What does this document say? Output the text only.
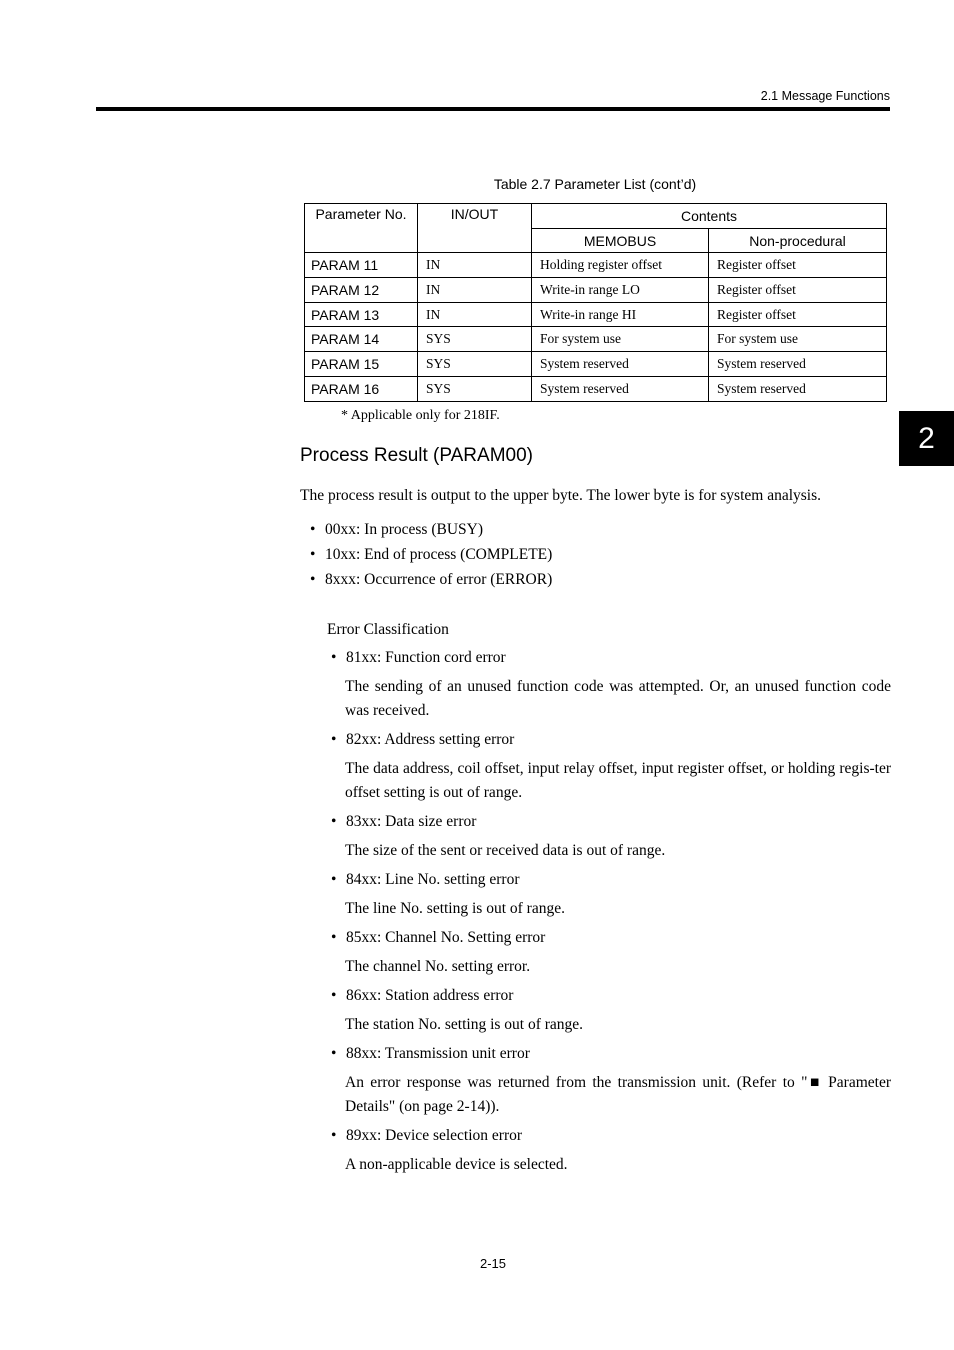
2.1 Message Functions
2
Table 2.7 Parameter List (cont’d)
Parameter No.	IN/OUT	Contents	
		MEMOBUS	Non-procedural
PARAM 11	IN	Holding register offset	Register offset
PARAM 12	IN	Write-in range LO	Register offset
PARAM 13	IN	Write-in range HI	Register offset
PARAM 14	SYS	For system use	For system use
PARAM 15	SYS	System reserved	System reserved
PARAM 16	SYS	System reserved	System reserved
* Applicable only for 218IF.
Process Result (PARAM00)
The process result is output to the upper byte. The lower byte is for system analysis.
• 00xx: In process (BUSY)
• 10xx: End of process (COMPLETE)
• 8xxx: Occurrence of error (ERROR)
Error Classification
• 81xx: Function cord error
The sending of an unused function code was attempted. Or, an unused function code was received.
• 82xx: Address setting error
The data address, coil offset, input relay offset, input register offset, or holding regis-ter offset setting is out of range.
• 83xx: Data size error
The size of the sent or received data is out of range.
• 84xx: Line No. setting error
The line No. setting is out of range.
• 85xx: Channel No. Setting error
The channel No. setting error.
• 86xx: Station address error
The station No. setting is out of range.
• 88xx: Transmission unit error
An error response was returned from the transmission unit. (Refer to "■ Parameter Details" (on page 2-14)).
• 89xx: Device selection error
A non-applicable device is selected.
2-15
